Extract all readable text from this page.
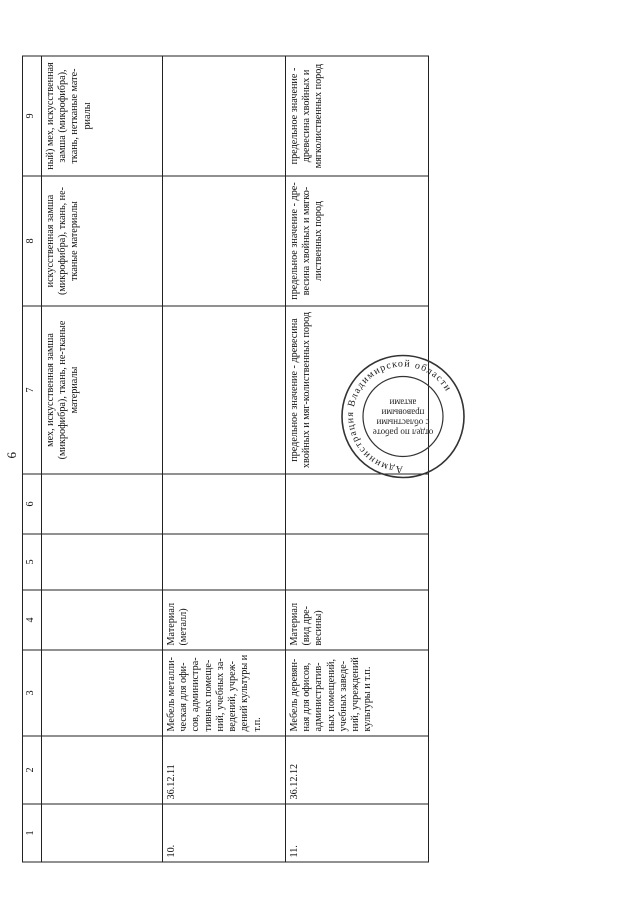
6
1	2	3	4	5	6	7	8	9
						мех, искусственная замша (микрофибра), ткань, не-тканые материалы	искусственная замша (микрофибра), ткань, не-тканые материалы	ный) мех, искусственная замша (микрофибра), ткань, нетканые мате-риалы
10.	36.12.11	Мебель металли-ческая для офи-сов, администра-тивных помеще-ний, учебных за-ведений, учреж-дений культуры и т.п.	Материал (металл)					
11.	36.12.12	Мебель деревян-ная для офисов, административ-ных помещений, учебных заведе-ний, учреждений культуры и т.п.	Материал (вид дре-весины)			предельное значение - древесина хвойных и мяг-колиственных пород	предельное значение - дре-весина хвойных и мягко-лиственных пород	предельное значение - древесина хвойных и мягколиственных пород
Администрация Владимирской области
отдел по работе
с областными
правовыми
актами
